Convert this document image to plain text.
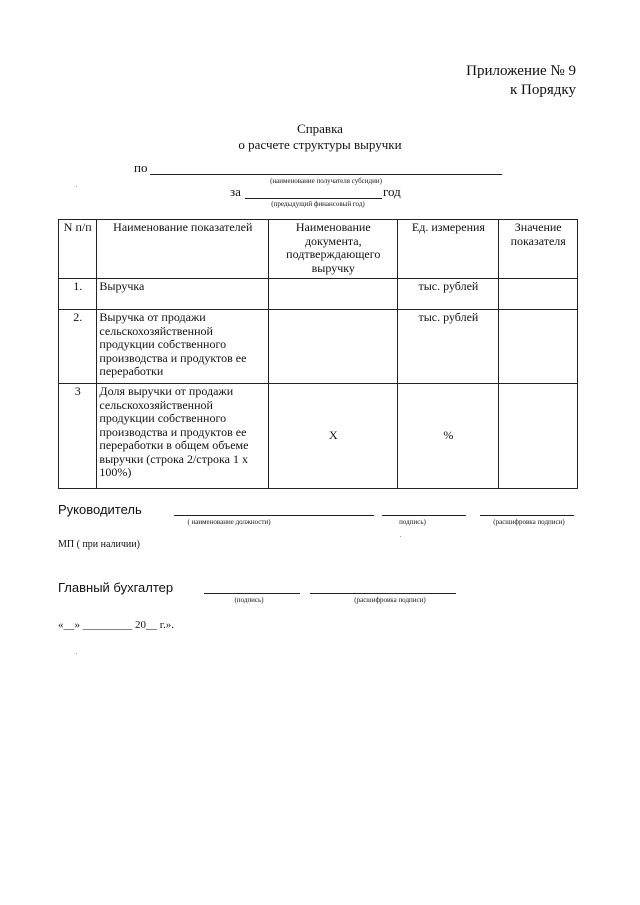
Приложение № 9
к Порядку
Справка
о расчете структуры выручки
по
(наименование получателя субсидии)
за	год
(предыдущий финансовый год)
N п/п	Наименование показателей	Наименование документа, подтверждающего выручку	Ед. измерения	Значение показателя
1.	Выручка		тыс. рублей	
2.	Выручка от продажи сельскохозяйственной продукции собственного производства и продуктов ее переработки		тыс. рублей	
3	Доля выручки от продажи сельскохозяйственной продукции собственного производства и продуктов ее переработки в общем объеме выручки (строка 2/строка 1 x 100%)	X	%	
Руководитель
( наименование должности)	подпись)	(расшифровка подписи)
МП ( при наличии)
Главный бухгалтер
(подпись)	(расшифровка подписи)
«__» _________ 20__ г.».
